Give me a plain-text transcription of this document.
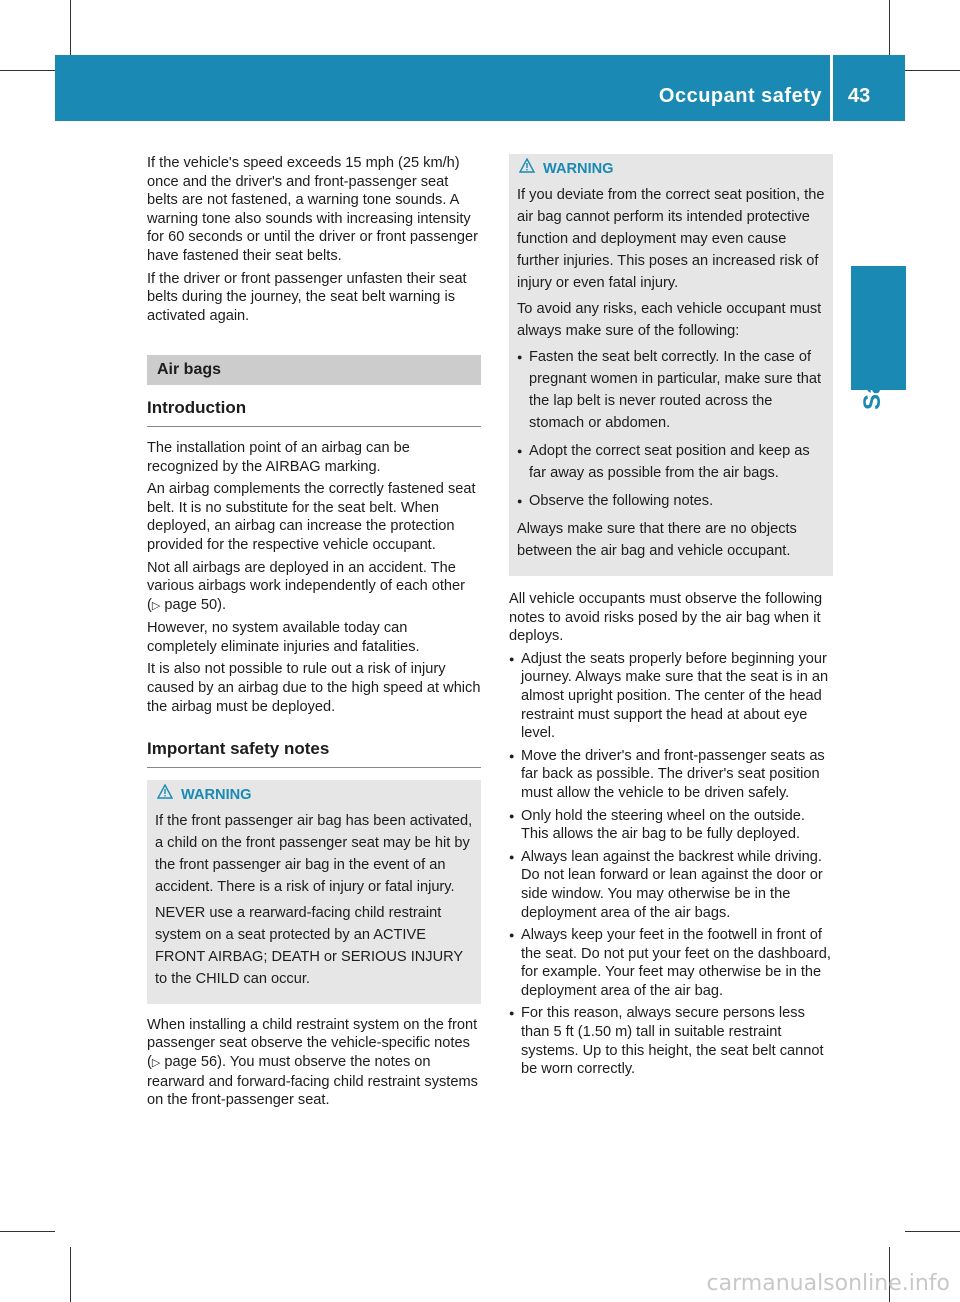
Occupant safety 43
Safety

If the vehicle's speed exceeds 15 mph (25 km/h) once and the driver's and front-passenger seat belts are not fastened, a warning tone sounds. A warning tone also sounds with increasing intensity for 60 seconds or until the driver or front passenger have fastened their seat belts.

If the driver or front passenger unfasten their seat belts during the journey, the seat belt warning is activated again.

Air bags
Introduction

The installation point of an airbag can be recognized by the AIRBAG marking.

An airbag complements the correctly fastened seat belt. It is no substitute for the seat belt. When deployed, an airbag can increase the protection provided for the respective vehicle occupant.

Not all airbags are deployed in an accident. The various airbags work independently of each other (▷ page 50).

However, no system available today can completely eliminate injuries and fatalities.

It is also not possible to rule out a risk of injury caused by an airbag due to the high speed at which the airbag must be deployed.

Important safety notes
WARNING

If the front passenger air bag has been activated, a child on the front passenger seat may be hit by the front passenger air bag in the event of an accident. There is a risk of injury or fatal injury.

NEVER use a rearward-facing child restraint system on a seat protected by an ACTIVE FRONT AIRBAG; DEATH or SERIOUS INJURY to the CHILD can occur.

When installing a child restraint system on the front passenger seat observe the vehicle-specific notes (▷ page 56). You must observe the notes on rearward and forward-facing child restraint systems on the front-passenger seat.

WARNING

If you deviate from the correct seat position, the air bag cannot perform its intended protective function and deployment may even cause further injuries. This poses an increased risk of injury or even fatal injury.

To avoid any risks, each vehicle occupant must always make sure of the following:

● Fasten the seat belt correctly. In the case of pregnant women in particular, make sure that the lap belt is never routed across the stomach or abdomen.
● Adopt the correct seat position and keep as far away as possible from the air bags.
● Observe the following notes.

Always make sure that there are no objects between the air bag and vehicle occupant.

All vehicle occupants must observe the following notes to avoid risks posed by the air bag when it deploys.

● Adjust the seats properly before beginning your journey. Always make sure that the seat is in an almost upright position. The center of the head restraint must support the head at about eye level.
● Move the driver's and front-passenger seats as far back as possible. The driver's seat position must allow the vehicle to be driven safely.
● Only hold the steering wheel on the outside. This allows the air bag to be fully deployed.
● Always lean against the backrest while driving. Do not lean forward or lean against the door or side window. You may otherwise be in the deployment area of the air bags.
● Always keep your feet in the footwell in front of the seat. Do not put your feet on the dashboard, for example. Your feet may otherwise be in the deployment area of the air bag.
● For this reason, always secure persons less than 5 ft (1.50 m) tall in suitable restraint systems. Up to this height, the seat belt cannot be worn correctly.
carmanualsonline.info
